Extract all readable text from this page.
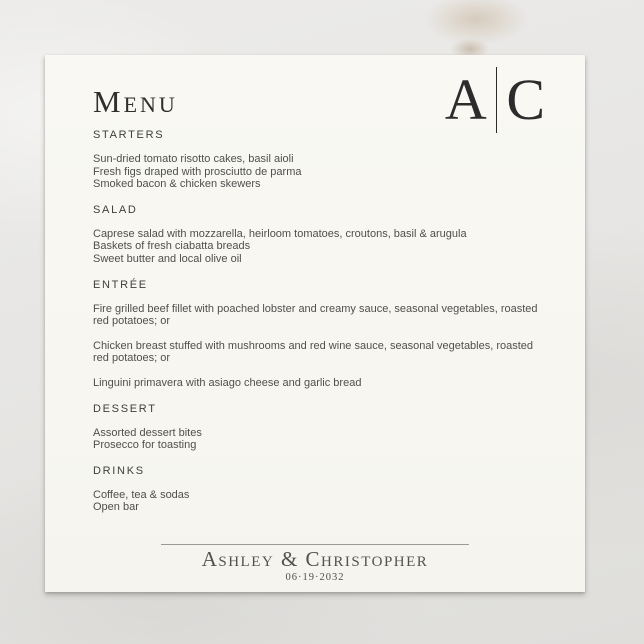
A C
Menu
STARTERS

Sun-dried tomato risotto cakes, basil aioli

Fresh figs draped with prosciutto de parma

Smoked bacon & chicken skewers

SALAD

Caprese salad with mozzarella, heirloom tomatoes, croutons, basil & arugula

Baskets of fresh ciabatta breads

Sweet butter and local olive oil

ENTRÉE

Fire grilled beef fillet with poached lobster and creamy sauce, seasonal vegetables, roasted red potatoes; or

Chicken breast stuffed with mushrooms and red wine sauce, seasonal vegetables, roasted red potatoes; or

Linguini primavera with asiago cheese and garlic bread

DESSERT

Assorted dessert bites

Prosecco for toasting

DRINKS

Coffee, tea & sodas

Open bar

Ashley & Christopher
06·19·2032
